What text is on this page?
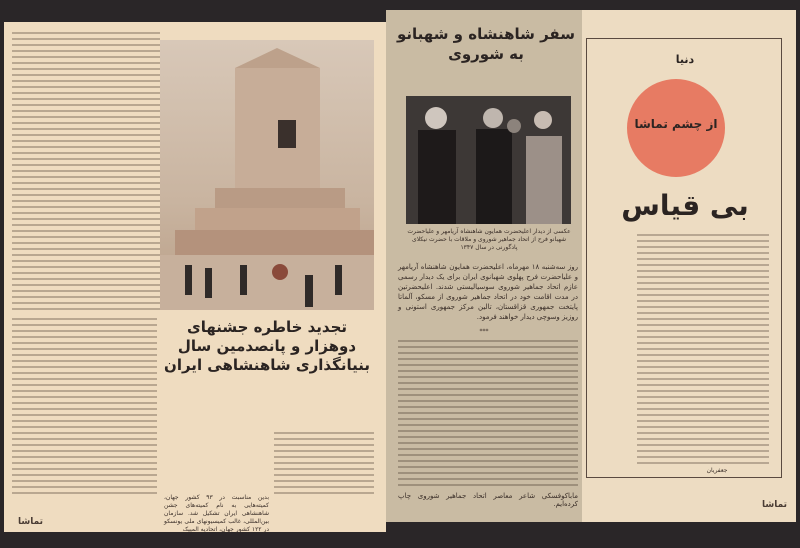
تجدید خاطره جشنهای دوهزار و پانصدمین سال بنیانگذاری شاهنشاهی ایران
بدین مناسبت در ۹۳ کشور جهان، کمیته‌هایی به نام کمیته‌های جشن شاهنشاهی ایران تشکیل شد. سازمان بین‌المللی، غالب کمیسیونهای ملی یونسکو در ۱۲۲ کشور جهان، اتحادیه المپیک
تماشا
سفر شاهنشاه و شهبانو
به شوروی
عکسی از دیدار اعلیحضرت همایون شاهنشاه آریامهر و علیاحضرت شهبانو فرح از اتحاد جماهیر شوروی و ملاقات با حضرت نیکلای پادگورنی در سال ۱۳۴۷
روز سه‌شنبه ۱۸ مهرماه، اعلیحضرت همایون شاهنشاه آریامهر و علیاحضرت فرح پهلوی شهبانوی ایران برای یک دیدار رسمی عازم اتحاد جماهیر شوروی سوسیالیستی شدند. اعلیحضرتین در مدت اقامت خود در اتحاد جماهیر شوروی از مسکو، آلماتا پایتخت جمهوری قزاقستان، تالین مرکز جمهوری استونی و روزیز وسوچی دیدار خواهند فرمود.
***
ماباکوفسکی شاعر معاصر اتحاد جماهیر شوروی چاپ کرده‌ایم.
دنیا
از چشم تماشا
بی قیاس
جعفریان
تماشا
